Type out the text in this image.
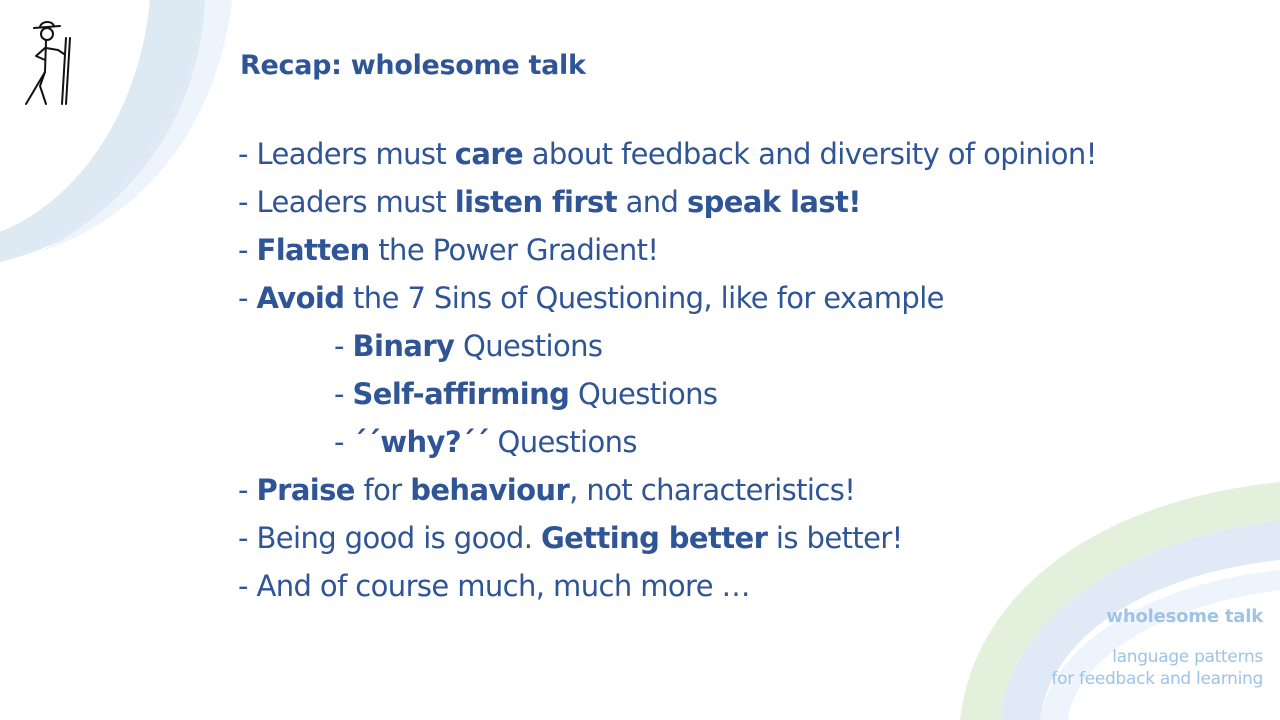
Recap: wholesome talk
- Leaders must care about feedback and diversity of opinion!
- Leaders must listen first and speak last!
- Flatten the Power Gradient!
- Avoid the 7 Sins of Questioning, like for example
- Binary Questions
- Self-affirming Questions
- ´´why?´´ Questions
- Praise for behaviour, not characteristics!
- Being good is good. Getting better is better!
- And of course much, much more …
wholesome talk
language patterns
for feedback and learning
